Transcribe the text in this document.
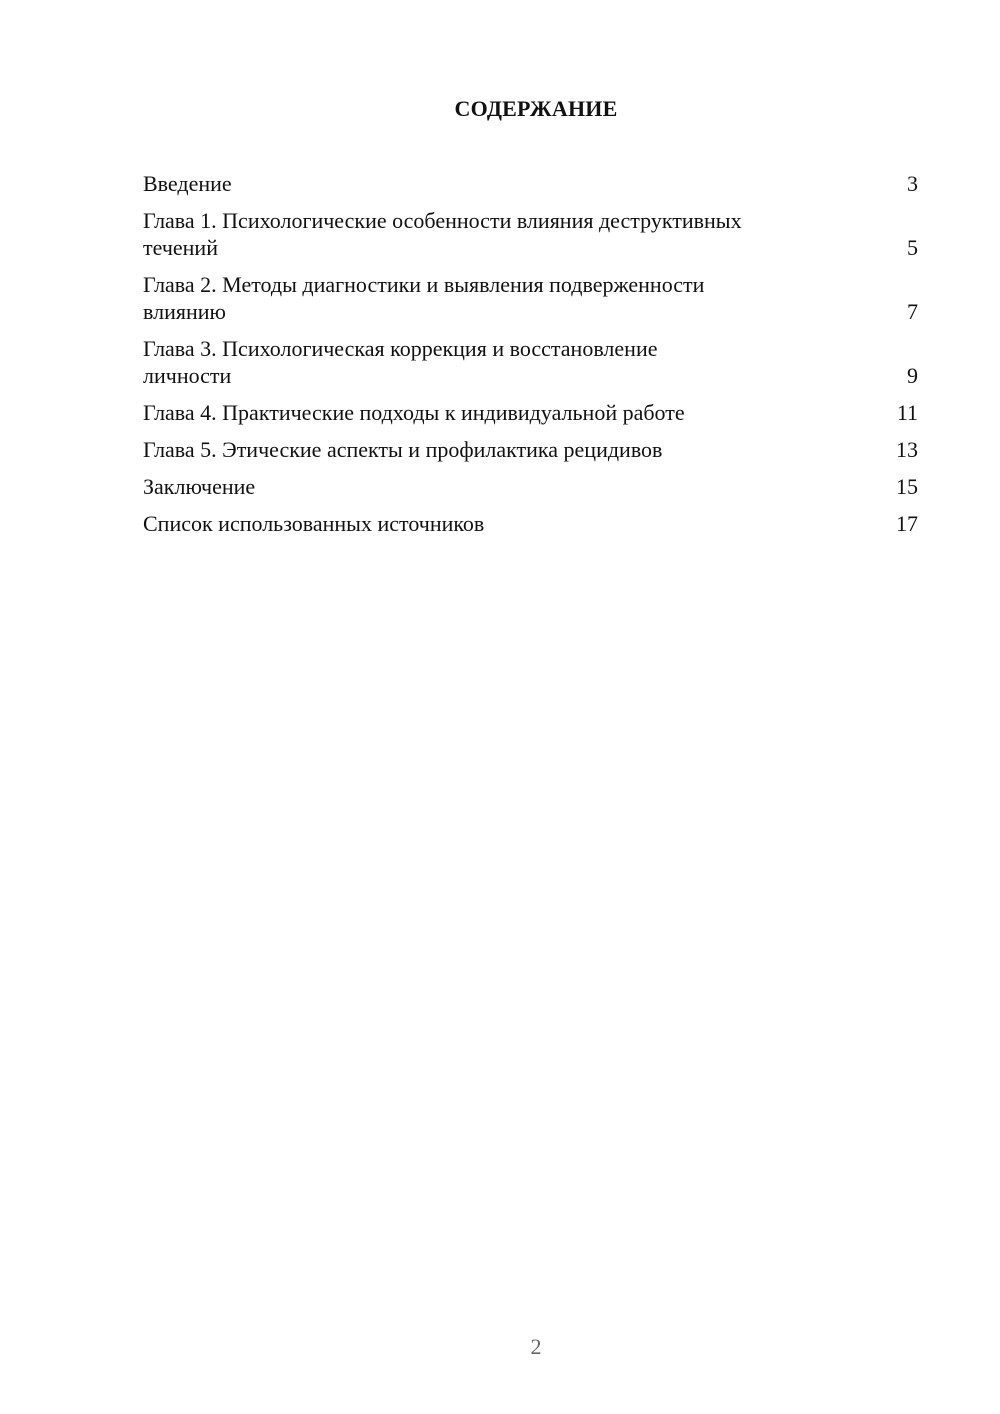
СОДЕРЖАНИЕ
Введение	3
Глава 1. Психологические особенности влияния деструктивных
течений	5
Глава 2. Методы диагностики и выявления подверженности
влиянию	7
Глава 3. Психологическая коррекция и восстановление
личности	9
Глава 4. Практические подходы к индивидуальной работе	11
Глава 5. Этические аспекты и профилактика рецидивов	13
Заключение	15
Список использованных источников	17
2
